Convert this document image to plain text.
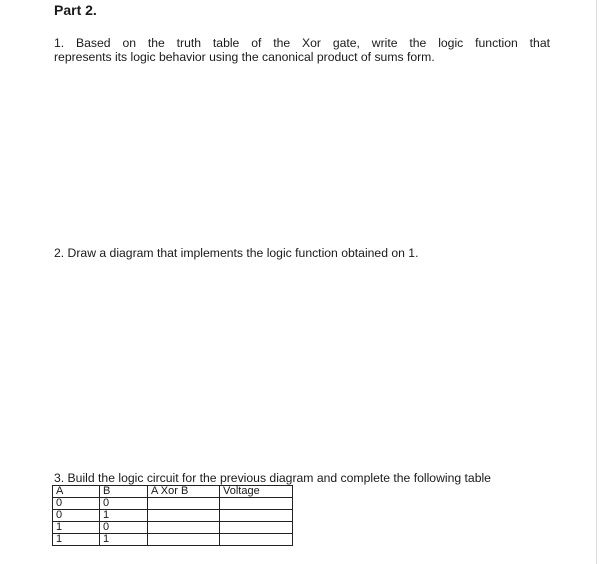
Part 2.
1. Based on the truth table of the Xor gate, write the logic function that
represents its logic behavior using the canonical product of sums form.
2. Draw a diagram that implements the logic function obtained on 1.
3. Build the logic circuit for the previous diagram and complete the following table
A	B	A Xor B	Voltage
0	0		
0	1		
1	0		
1	1		
